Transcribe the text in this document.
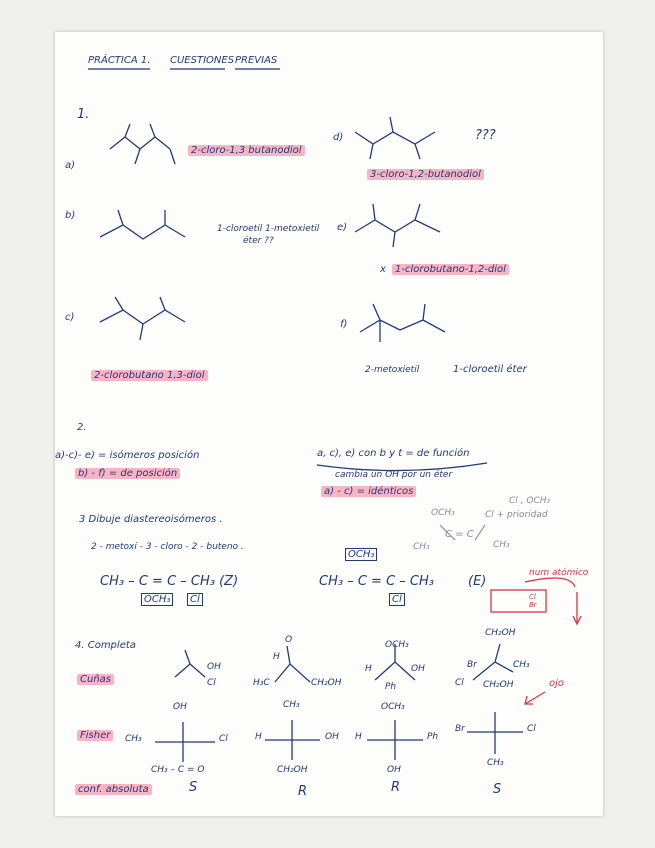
PRÁCTICA 1. CUESTIONES PREVIAS
1.
a)
2-cloro-1,3 butanodiol
b)
1-cloroetil 1-metoxietil
éter ??
c)
2-clorobutano 1,3-diol
d)	???
3-cloro-1,2-butanodiol
e)
x 1-clorobutano-1,2-diol
f)
2-metoxietil	1-cloroetil éter
2.
a)-c)- e) = isómeros posición
b) - f) = de posición
a, c), e) con b y t = de función
cambia un OH por un éter
a) - c) = idénticos
3 Dibuje diastereoisómeros .
2 - metoxi - 3 - cloro - 2 - buteno .
OCH₃
C = C
CH₃	CH₃
Cl , OCH₃
Cl + prioridad
CH₃ – C = C – CH₃ (Z)
OCH₃	Cl
OCH₃
CH₃ – C = C – CH₃
Cl
(E)
num atómico
Cl
Br
4. Completa
Cuñas
Fisher
conf. absoluta
ojo
OH
Cl
OH
CH₃	Cl
CH₃ – C = O
O
H
CH₂OH
H₃C
CH₃
H	OH
CH₂OH
OCH₃
OH
H
Ph
OCH₃
H	Ph
OH
CH₂OH
Br	CH₃
Cl CH₂OH
Br	Cl
CH₃
S	R	R	S
